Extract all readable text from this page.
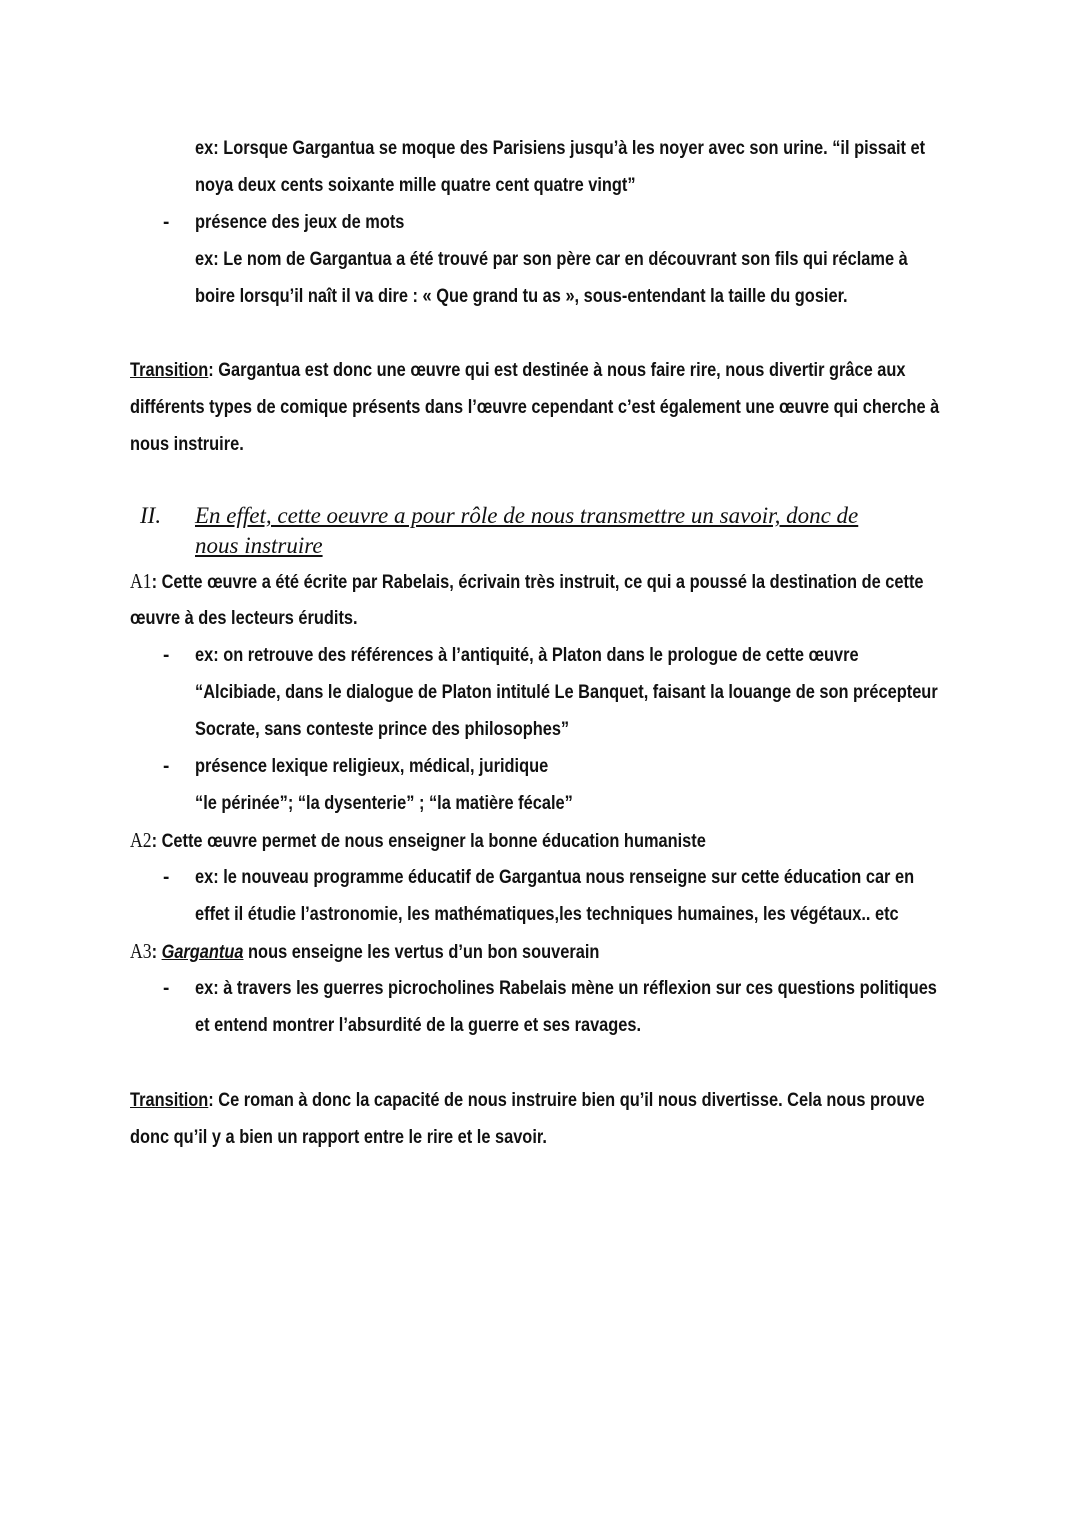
ex: Lorsque Gargantua se moque des Parisiens jusqu’à les noyer avec son urine. “il pissait et
noya deux cents soixante mille quatre cent quatre vingt”
- présence des jeux de mots
ex: Le nom de Gargantua a été trouvé par son père car en découvrant son fils qui réclame à
boire lorsqu’il naît il va dire : « Que grand tu as », sous-entendant la taille du gosier.
Transition: Gargantua est donc une œuvre qui est destinée à nous faire rire, nous divertir grâce aux
différents types de comique présents dans l’œuvre cependant c’est également une œuvre qui cherche à
nous instruire.
II. En effet, cette oeuvre a pour rôle de nous transmettre un savoir, donc de
nous instruire
A1: Cette œuvre a été écrite par Rabelais, écrivain très instruit, ce qui a poussé la destination de cette
œuvre à des lecteurs érudits.
- ex: on retrouve des références à l’antiquité, à Platon dans le prologue de cette œuvre
“Alcibiade, dans le dialogue de Platon intitulé Le Banquet, faisant la louange de son précepteur
Socrate, sans conteste prince des philosophes”
- présence lexique religieux, médical, juridique
“le périnée”; “la dysenterie” ; “la matière fécale”
A2: Cette œuvre permet de nous enseigner la bonne éducation humaniste
- ex: le nouveau programme éducatif de Gargantua nous renseigne sur cette éducation car en
effet il étudie l’astronomie, les mathématiques,les techniques humaines, les végétaux.. etc
A3: Gargantua nous enseigne les vertus d’un bon souverain
- ex: à travers les guerres picrocholines Rabelais mène un réflexion sur ces questions politiques
et entend montrer l’absurdité de la guerre et ses ravages.
Transition: Ce roman à donc la capacité de nous instruire bien qu’il nous divertisse. Cela nous prouve
donc qu’il y a bien un rapport entre le rire et le savoir.
